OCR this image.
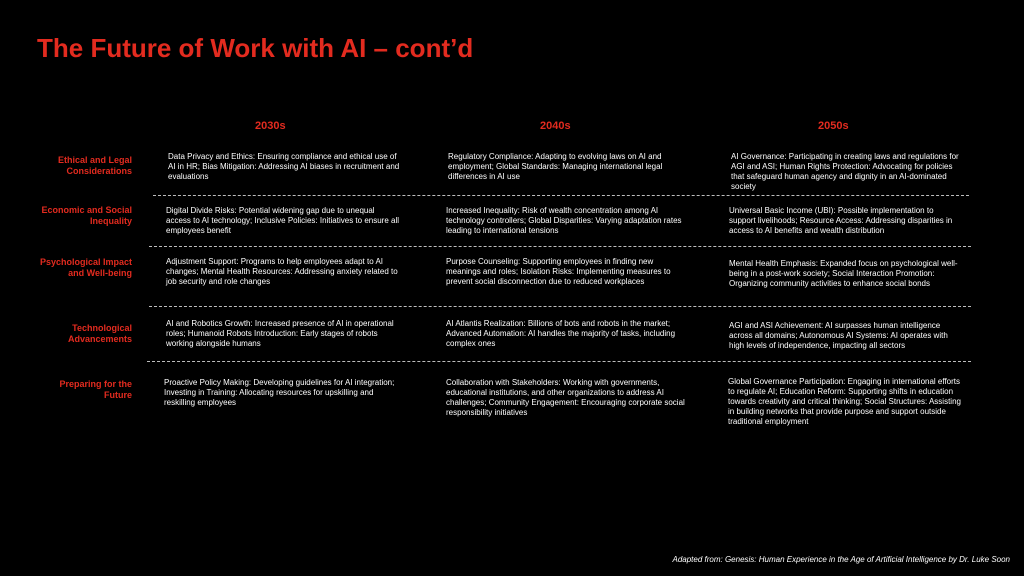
The Future of Work with AI – cont’d
2030s	2040s	2050s
Ethical and Legal Considerations
Data Privacy and Ethics: Ensuring compliance and ethical use of AI in HR; Bias Mitigation: Addressing AI biases in recruitment and evaluations
Regulatory Compliance: Adapting to evolving laws on AI and employment; Global Standards: Managing international legal differences in AI use
AI Governance: Participating in creating laws and regulations for AGI and ASI; Human Rights Protection: Advocating for policies that safeguard human agency and dignity in an AI-dominated society
Economic and Social Inequality
Digital Divide Risks: Potential widening gap due to unequal access to AI technology; Inclusive Policies: Initiatives to ensure all employees benefit
Increased Inequality: Risk of wealth concentration among AI technology controllers; Global Disparities: Varying adaptation rates leading to international tensions
Universal Basic Income (UBI): Possible implementation to support livelihoods; Resource Access: Addressing disparities in access to AI benefits and wealth distribution
Psychological Impact and Well-being
Adjustment Support: Programs to help employees adapt to AI changes; Mental Health Resources: Addressing anxiety related to job security and role changes
Purpose Counseling: Supporting employees in finding new meanings and roles; Isolation Risks: Implementing measures to prevent social disconnection due to reduced workplaces
Mental Health Emphasis: Expanded focus on psychological well-being in a post-work society; Social Interaction Promotion: Organizing community activities to enhance social bonds
Technological Advancements
AI and Robotics Growth: Increased presence of AI in operational roles; Humanoid Robots Introduction: Early stages of robots working alongside humans
AI Atlantis Realization: Billions of bots and robots in the market; Advanced Automation: AI handles the majority of tasks, including complex ones
AGI and ASI Achievement: AI surpasses human intelligence across all domains; Autonomous AI Systems: AI operates with high levels of independence, impacting all sectors
Preparing for the Future
Proactive Policy Making: Developing guidelines for AI integration; Investing in Training: Allocating resources for upskilling and reskilling employees
Collaboration with Stakeholders: Working with governments, educational institutions, and other organizations to address AI challenges; Community Engagement: Encouraging corporate social responsibility initiatives
Global Governance Participation: Engaging in international efforts to regulate AI; Education Reform: Supporting shifts in education towards creativity and critical thinking; Social Structures: Assisting in building networks that provide purpose and support outside traditional employment
Adapted from: Genesis: Human Experience in the Age of Artificial Intelligence by Dr. Luke Soon
